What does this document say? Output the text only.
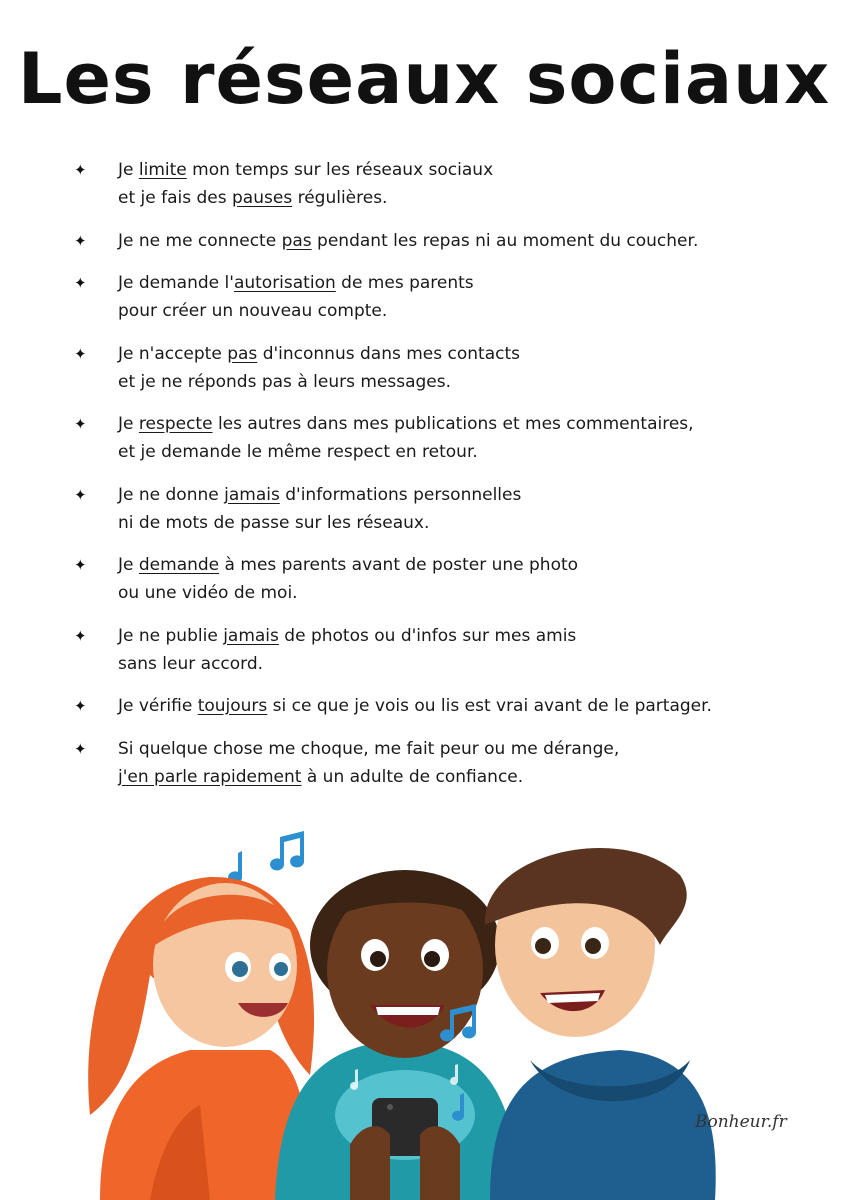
Les réseaux sociaux
✦ Je limite mon temps sur les réseaux sociaux
et je fais des pauses régulières.
✦ Je ne me connecte pas pendant les repas ni au moment du coucher.
✦ Je demande l'autorisation de mes parents
pour créer un nouveau compte.
✦ Je n'accepte pas d'inconnus dans mes contacts
et je ne réponds pas à leurs messages.
✦ Je respecte les autres dans mes publications et mes commentaires,
et je demande le même respect en retour.
✦ Je ne donne jamais d'informations personnelles
ni de mots de passe sur les réseaux.
✦ Je demande à mes parents avant de poster une photo
ou une vidéo de moi.
✦ Je ne publie jamais de photos ou d'infos sur mes amis
sans leur accord.
✦ Je vérifie toujours si ce que je vois ou lis est vrai avant de le partager.
✦ Si quelque chose me choque, me fait peur ou me dérange,
j'en parle rapidement à un adulte de confiance.
Bonheur.fr
